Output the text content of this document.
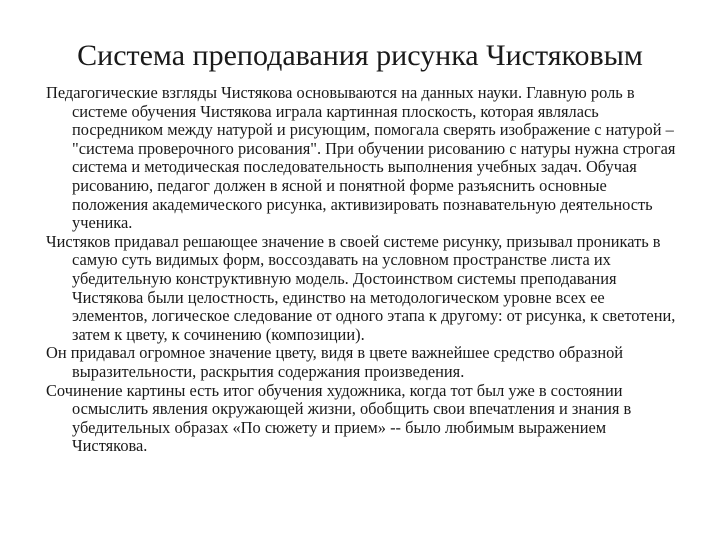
Система преподавания рисунка Чистяковым

Педагогические взгляды Чистякова основываются на данных науки. Главную роль в системе обучения Чистякова играла картинная плоскость, которая являлась посредником между натурой и рисующим, помогала сверять изображение с натурой – "система проверочного рисования". При обучении рисованию с натуры нужна строгая система и методическая последовательность выполнения учебных задач. Обучая рисованию, педагог должен в ясной и понятной форме разъяснить основные положения академического рисунка, активизировать познавательную деятельность ученика.

Чистяков придавал решающее значение в своей системе рисунку, призывал проникать в самую суть видимых форм, воссоздавать на условном пространстве листа их убедительную конструктивную модель. Достоинством системы преподавания Чистякова были целостность, единство на методологическом уровне всех ее элементов, логическое следование от одного этапа к другому: от рисунка, к светотени, затем к цвету, к сочинению (композиции).

Он придавал огромное значение цвету, видя в цвете важнейшее средство образной выразительности, раскрытия содержания произведения.

Сочинение картины есть итог обучения художника, когда тот был уже в состоянии осмыслить явления окружающей жизни, обобщить свои впечатления и знания в убедительных образах «По сюжету и прием» -- было любимым выражением Чистякова.
